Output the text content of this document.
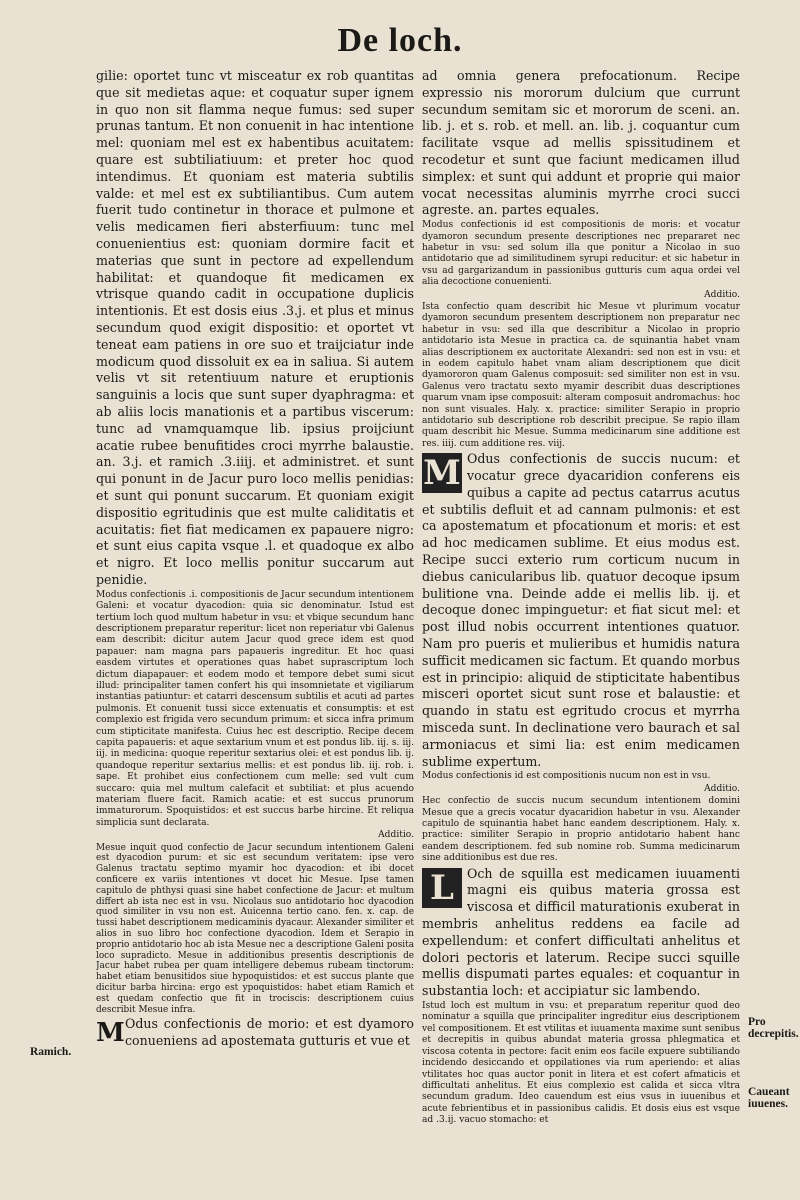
De loch.

gilie: oportet tunc vt misceatur ex rob quantitas que sit medietas aque: et coquatur super ignem in quo non sit flamma neque fumus: sed super prunas tantum. Et non conuenit in hac intentione mel: quoniam mel est ex habentibus acuitatem: quare est subtiliatiuum: et preter hoc quod intendimus. Et quoniam est materia subtilis valde: et mel est ex subtiliantibus. Cum autem fuerit tudo continetur in thorace et pulmone et velis medicamen fieri absterfiuum: tunc mel conuenientius est: quoniam dormire facit et materias que sunt in pectore ad expellendum habilitat: et quandoque fit medicamen ex vtrisque quando cadit in occupatione duplicis intentionis. Et est dosis eius .3.j. et plus et minus secundum quod exigit dispositio: et oportet vt teneat eam patiens in ore suo et traijciatur inde modicum quod dissoluit ex ea in saliua. Si autem velis vt sit retentiuum nature et eruptionis sanguinis a locis que sunt super dyaphragma: et ab aliis locis manationis et a partibus viscerum: tunc ad vnamquamque lib. ipsius proijciunt acatie rubee benufitides croci myrrhe balaustie. an. 3.j. et ramich .3.iiij. et administret. et sunt qui ponunt in de Jacur puro loco mellis penidias: et sunt qui ponunt succarum. Et quoniam exigit dispositio egritudinis que est multe caliditatis et acuitatis: fiet fiat medicamen ex papauere nigro: et sunt eius capita vsque .l. et quadoque ex albo et nigro. Et loco mellis ponitur succarum aut penidie.

Modus confectionis .i. compositionis de Jacur secundum intentionem Galeni: et vocatur dyacodion: quia sic denominatur. Istud est tertium loch quod multum habetur in vsu: et vbique secundum hanc descriptionem preparatur reperitur: licet non reperiatur vbi Galenus eam describit: dicitur autem Jacur quod grece idem est quod papauer: nam magna pars papaueris ingreditur. Et hoc quasi easdem virtutes et operationes quas habet suprascriptum loch dictum diapapauer: et eodem modo et tempore debet sumi sicut illud: principaliter tamen confert his qui insomnietate et vigiliarum instantias patiuntur: et catarri descensum subtilis et acuti ad partes pulmonis. Et conuenit tussi sicce extenuatis et consumptis: et est complexio est frigida vero secundum primum: et sicca infra primum cum stipticitate manifesta. Cuius hec est descriptio. Recipe decem capita papaueris: et aque sextarium vnum et est pondus lib. iij. s. iij. iij. in medicina: quoque reperitur sextarius olei: et est pondus lib. ij. quandoque reperitur sextarius mellis: et est pondus lib. iij. rob. i. sape. Et prohibet eius confectionem cum melle: sed vult cum succaro: quia mel multum calefacit et subtiliat: et plus acuendo materiam fluere facit. Ramich acatie: et est succus prunorum immaturorum. Spoquistidos: et est succus barbe hircine. Et reliqua simplicia sunt declarata.

Additio.

Mesue inquit quod confectio de Jacur secundum intentionem Galeni est dyacodion purum: et sic est secundum veritatem: ipse vero Galenus tractatu septimo myamir hoc dyacodion: et ibi docet conficere ex variis intentiones vt docet hic Mesue. Ipse tamen capitulo de phthysi quasi sine habet confectione de Jacur: et multum differt ab ista nec est in vsu. Nicolaus suo antidotario hoc dyacodion quod similiter in vsu non est. Auicenna tertio cano. fen. x. cap. de tussi habet descriptionem medicaminis dyacaur. Alexander similiter et alios in suo libro hoc confectione dyacodion. Idem et Serapio in proprio antidotario hoc ab ista Mesue nec a descriptione Galeni posita loco supradicto. Mesue in additionibus presentis descriptionis de Jacur habet rubea per quam intelligere debemus rubeam tinctorum: habet etiam benusitidos siue hypoquistidos: et est succus plante que dicitur barba hircina: ergo est ypoquistidos: habet etiam Ramich et est quedam confectio que fit in trociscis: descriptionem cuius describit Mesue infra.

M Odus confectionis de morio: et est dyamoro conueniens ad apostemata gutturis et vue et

ad omnia genera prefocationum. Recipe expressio nis mororum dulcium que currunt secundum semitam sic et mororum de sceni. an. lib. j. et s. rob. et mell. an. lib. j. coquantur cum facilitate vsque ad mellis spissitudinem et recodetur et sunt que faciunt medicamen illud simplex: et sunt qui addunt et proprie qui maior vocat necessitas aluminis myrrhe croci succi agreste. an. partes equales.

Modus confectionis id est compositionis de moris: et vocatur dyamoron secundum presente descriptiones nec prepararet nec habetur in vsu: sed solum illa que ponitur a Nicolao in suo antidotario que ad similitudinem syrupi reducitur: et sic habetur in vsu ad gargarizandum in passionibus gutturis cum aqua ordei vel alia decoctione conuenienti.

Additio.

Ista confectio quam describit hic Mesue vt plurimum vocatur dyamoron secundum presentem descriptionem non preparatur nec habetur in vsu: sed illa que describitur a Nicolao in proprio antidotario ista Mesue in practica ca. de squinantia habet vnam alias descriptionem ex auctoritate Alexandri: sed non est in vsu: et in eodem capitulo habet vnam aliam descriptionem que dicit dyamororon quam Galenus composuit: sed similiter non est in vsu. Galenus vero tractatu sexto myamir describit duas descriptiones quarum vnam ipse composuit: alteram composuit andromachus: hoc non sunt visuales. Haly. x. practice: similiter Serapio in proprio antidotario sub descriptione rob describit precipue. Se rapio illam quam describit hic Mesue. Summa medicinarum sine additione est res. iiij. cum additione res. viij.

M Odus confectionis de succis nucum: et vocatur grece dyacaridion conferens eis quibus a capite ad pectus catarrus acutus et subtilis defluit et ad cannam pulmonis: et est ca apostematum et pfocationum et moris: et est ad hoc medicamen sublime. Et eius modus est. Recipe succi exterio rum corticum nucum in diebus canicularibus lib. quatuor decoque ipsum bulitione vna. Deinde adde ei mellis lib. ij. et decoque donec impinguetur: et fiat sicut mel: et post illud nobis occurrent intentiones quatuor. Nam pro pueris et mulieribus et humidis natura sufficit medicamen sic factum. Et quando morbus est in principio: aliquid de stipticitate habentibus misceri oportet sicut sunt rose et balaustie: et quando in statu est egritudo crocus et myrrha misceda sunt. In declinatione vero baurach et sal armoniacus et simi lia: est enim medicamen sublime expertum.

Modus confectionis id est compositionis nucum non est in vsu.

Additio.

Hec confectio de succis nucum secundum intentionem domini Mesue que a grecis vocatur dyacaridion habetur in vsu. Alexander capitulo de squinantia habet hanc eandem descriptionem. Haly. x. practice: similiter Serapio in proprio antidotario habent hanc eandem descriptionem. fed sub nomine rob. Summa medicinarum sine additionibus est due res.

L	Och de squilla est medicamen iuuamenti magni eis quibus materia grossa est viscosa et difficil maturationis exuberat in membris anhelitus reddens ea facile ad expellendum: et confert difficultati anhelitus et dolori pectoris et laterum. Recipe succi squille mellis dispumati partes equales: et coquantur in substantia loch: et accipiatur sic lambendo.

Istud loch est multum in vsu: et preparatum reperitur quod deo nominatur a squilla que principaliter ingreditur eius descriptionem vel compositionem. Et est vtilitas et iuuamenta maxime sunt senibus et decrepitis in quibus abundat materia grossa phlegmatica et viscosa cotenta in pectore: facit enim eos facile expuere subtiliando incidendo desiccando et oppilationes via rum aperiendo: et alias vtilitates hoc quas auctor ponit in litera et est cofert afmaticis et difficultati anhelitus. Et eius complexio est calida et sicca vltra secundum gradum. Ideo cauendum est eius vsus in iuuenibus et acute febrientibus et in passionibus calidis. Et dosis eius est vsque ad .3.ij. vacuo stomacho: et

Ramich.
Pro decrepitis.
Caueant iuuenes.
